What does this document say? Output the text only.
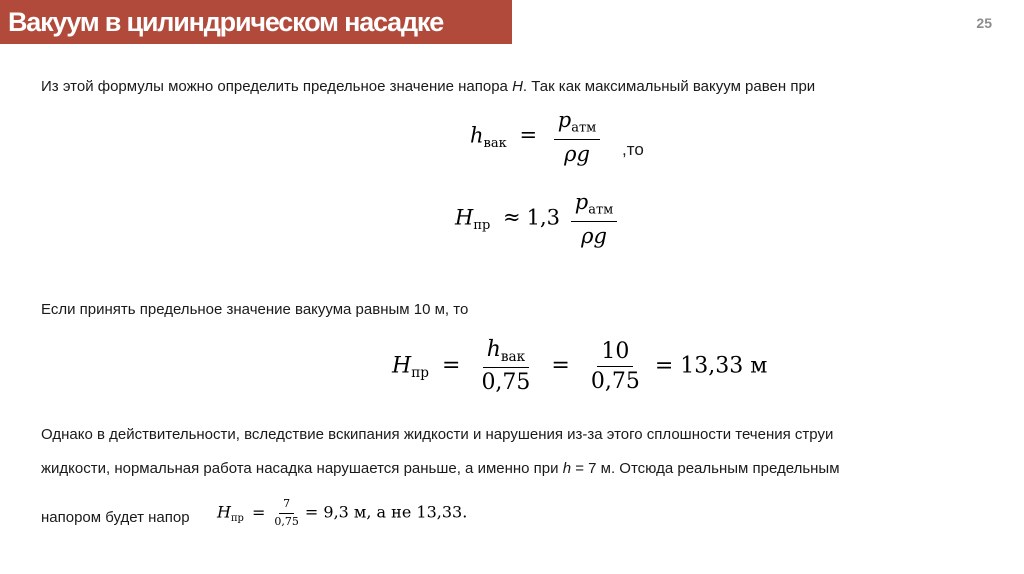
Вакуум в цилиндрическом насадке	25
Из этой формулы можно определить предельное значение напора H. Так как максимальный вакуум равен при
$h_{вак} = \frac{p_{атм}}{\rho g} ,то$
$H_{пр} \approx 1,3 \frac{p_{атм}}{\rho g}$
Если принять предельное значение вакуума равным 10 м, то
$H_{пр} = \frac{h_{вак}}{0,75} = \frac{10}{0,75} = 13,33$ м
Однако в действительности, вследствие вскипания жидкости и нарушения из-за этого сплошности течения струи
жидкости, нормальная работа насадка нарушается раньше, а именно при h = 7 м. Отсюда реальным предельным
напором будет напор $H_{пр} = \frac{7}{0,75} = 9,3$ м, а не 13,33.
